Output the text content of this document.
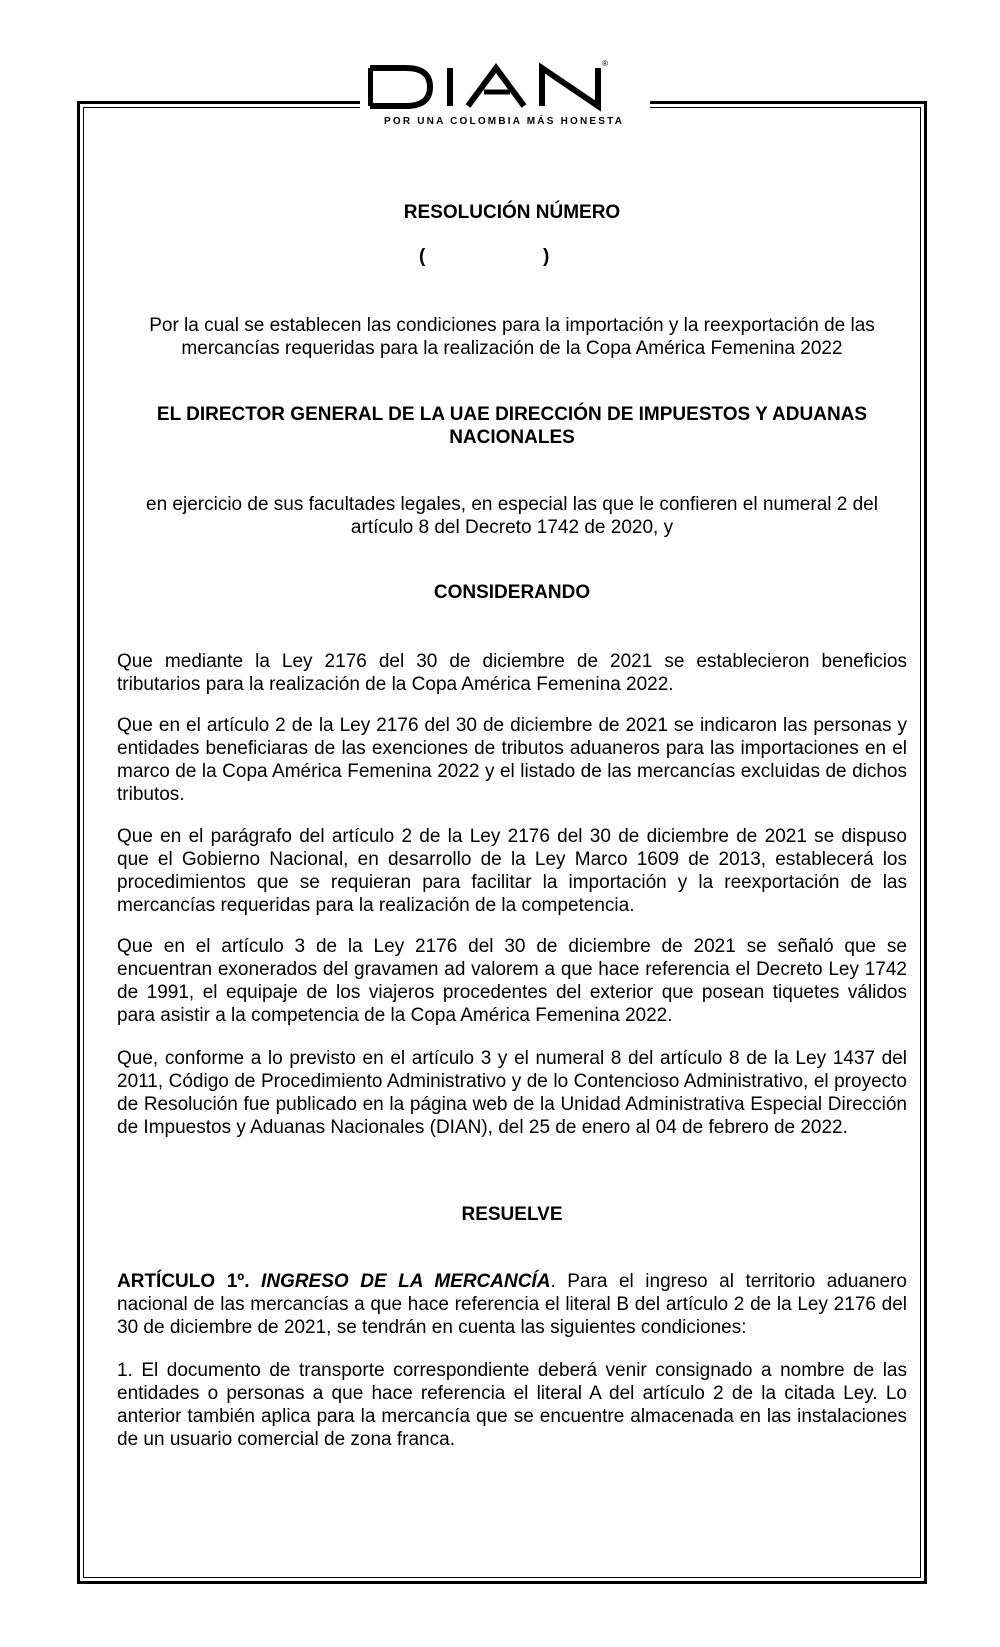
®
POR UNA COLOMBIA MÁS HONESTA
RESOLUCIÓN NÚMERO
(	)
Por la cual se establecen las condiciones para la importación y la reexportación de las mercancías requeridas para la realización de la Copa América Femenina 2022
EL DIRECTOR GENERAL DE LA UAE DIRECCIÓN DE IMPUESTOS Y ADUANAS NACIONALES
en ejercicio de sus facultades legales, en especial las que le confieren el numeral 2 del artículo 8 del Decreto 1742 de 2020, y
CONSIDERANDO
Que mediante la Ley 2176 del 30 de diciembre de 2021 se establecieron beneficios tributarios para la realización de la Copa América Femenina 2022.
Que en el artículo 2 de la Ley 2176 del 30 de diciembre de 2021 se indicaron las personas y entidades beneficiaras de las exenciones de tributos aduaneros para las importaciones en el marco de la Copa América Femenina 2022 y el listado de las mercancías excluidas de dichos tributos.
Que en el parágrafo del artículo 2 de la Ley 2176 del 30 de diciembre de 2021 se dispuso que el Gobierno Nacional, en desarrollo de la Ley Marco 1609 de 2013, establecerá los procedimientos que se requieran para facilitar la importación y la reexportación de las mercancías requeridas para la realización de la competencia.
Que en el artículo 3 de la Ley 2176 del 30 de diciembre de 2021 se señaló que se encuentran exonerados del gravamen ad valorem a que hace referencia el Decreto Ley 1742 de 1991, el equipaje de los viajeros procedentes del exterior que posean tiquetes válidos para asistir a la competencia de la Copa América Femenina 2022.
Que, conforme a lo previsto en el artículo 3 y el numeral 8 del artículo 8 de la Ley 1437 del 2011, Código de Procedimiento Administrativo y de lo Contencioso Administrativo, el proyecto de Resolución fue publicado en la página web de la Unidad Administrativa Especial Dirección de Impuestos y Aduanas Nacionales (DIAN), del 25 de enero al 04 de febrero de 2022.
RESUELVE
ARTÍCULO 1º. INGRESO DE LA MERCANCÍA. Para el ingreso al territorio aduanero nacional de las mercancías a que hace referencia el literal B del artículo 2 de la Ley 2176 del 30 de diciembre de 2021, se tendrán en cuenta las siguientes condiciones:
1. El documento de transporte correspondiente deberá venir consignado a nombre de las entidades o personas a que hace referencia el literal A del artículo 2 de la citada Ley. Lo anterior también aplica para la mercancía que se encuentre almacenada en las instalaciones de un usuario comercial de zona franca.
